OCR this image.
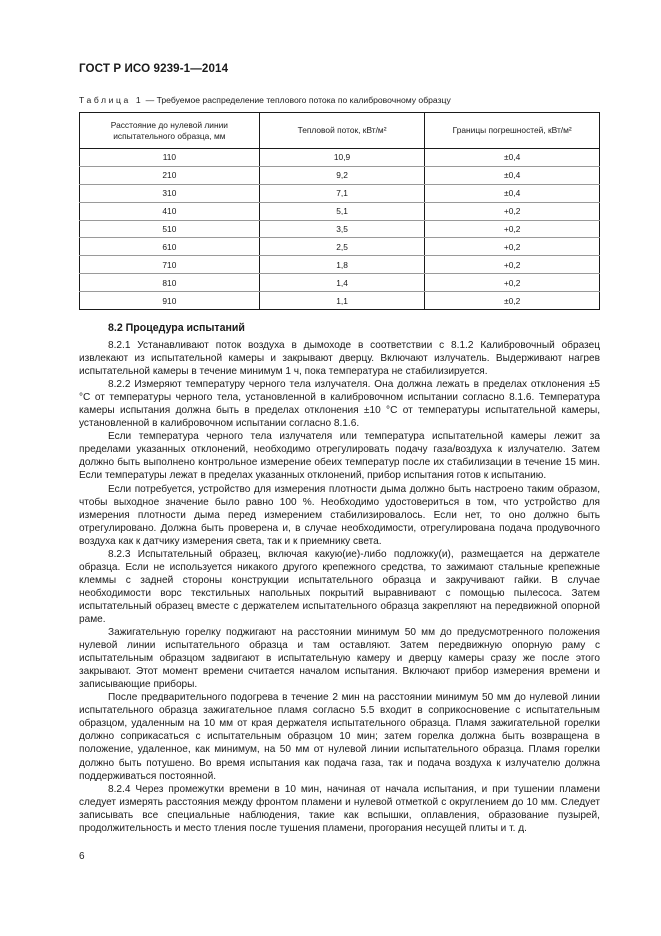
ГОСТ Р ИСО 9239-1—2014
Таблица 1 — Требуемое распределение теплового потока по калибровочному образцу
Расстояние до нулевой линии испытательного образца, мм	Тепловой поток, кВт/м²	Границы погрешностей, кВт/м²
110	10,9	±0,4
210	9,2	±0,4
310	7,1	±0,4
410	5,1	+0,2
510	3,5	+0,2
610	2,5	+0,2
710	1,8	+0,2
810	1,4	+0,2
910	1,1	±0,2
8.2 Процедура испытаний

8.2.1 Устанавливают поток воздуха в дымоходе в соответствии с 8.1.2 Калибровочный образец извлекают из испытательной камеры и закрывают дверцу. Включают излучатель. Выдерживают нагрев испытательной камеры в течение минимум 1 ч, пока температура не стабилизируется.

8.2.2 Измеряют температуру черного тела излучателя. Она должна лежать в пределах отклонения ±5 °С от температуры черного тела, установленной в калибровочном испытании согласно 8.1.6. Температура камеры испытания должна быть в пределах отклонения ±10 °С от температуры испытательной камеры, установленной в калибровочном испытании согласно 8.1.6.

Если температура черного тела излучателя или температура испытательной камеры лежит за пределами указанных отклонений, необходимо отрегулировать подачу газа/воздуха к излучателю. Затем должно быть выполнено контрольное измерение обеих температур после их стабилизации в течение 15 мин. Если температуры лежат в пределах указанных отклонений, прибор испытания готов к испытанию.

Если потребуется, устройство для измерения плотности дыма должно быть настроено таким образом, чтобы выходное значение было равно 100 %. Необходимо удостовериться в том, что устройство для измерения плотности дыма перед измерением стабилизировалось. Если нет, то оно должно быть отрегулировано. Должна быть проверена и, в случае необходимости, отрегулирована подача продувочного воздуха как к датчику измерения света, так и к приемнику света.

8.2.3 Испытательный образец, включая какую(ие)-либо подложку(и), размещается на держателе образца. Если не используется никакого другого крепежного средства, то зажимают стальные крепежные клеммы с задней стороны конструкции испытательного образца и закручивают гайки. В случае необходимости ворс текстильных напольных покрытий выравнивают с помощью пылесоса. Затем испытательный образец вместе с держателем испытательного образца закрепляют на передвижной опорной раме.

Зажигательную горелку поджигают на расстоянии минимум 50 мм до предусмотренного положения нулевой линии испытательного образца и там оставляют. Затем передвижную опорную раму с испытательным образцом задвигают в испытательную камеру и дверцу камеры сразу же после этого закрывают. Этот момент времени считается началом испытания. Включают прибор измерения времени и записывающие приборы.

После предварительного подогрева в течение 2 мин на расстоянии минимум 50 мм до нулевой линии испытательного образца зажигательное пламя согласно 5.5 входит в соприкосновение с испытательным образцом, удаленным на 10 мм от края держателя испытательного образца. Пламя зажигательной горелки должно соприкасаться с испытательным образцом 10 мин; затем горелка должна быть возвращена в положение, удаленное, как минимум, на 50 мм от нулевой линии испытательного образца. Пламя горелки должно быть потушено. Во время испытания как подача газа, так и подача воздуха к излучателю должна поддерживаться постоянной.

8.2.4 Через промежутки времени в 10 мин, начиная от начала испытания, и при тушении пламени следует измерять расстояния между фронтом пламени и нулевой отметкой с округлением до 10 мм. Следует записывать все специальные наблюдения, такие как вспышки, оплавления, образование пузырей, продолжительность и место тления после тушения пламени, прогорания несущей плиты и т. д.

6
